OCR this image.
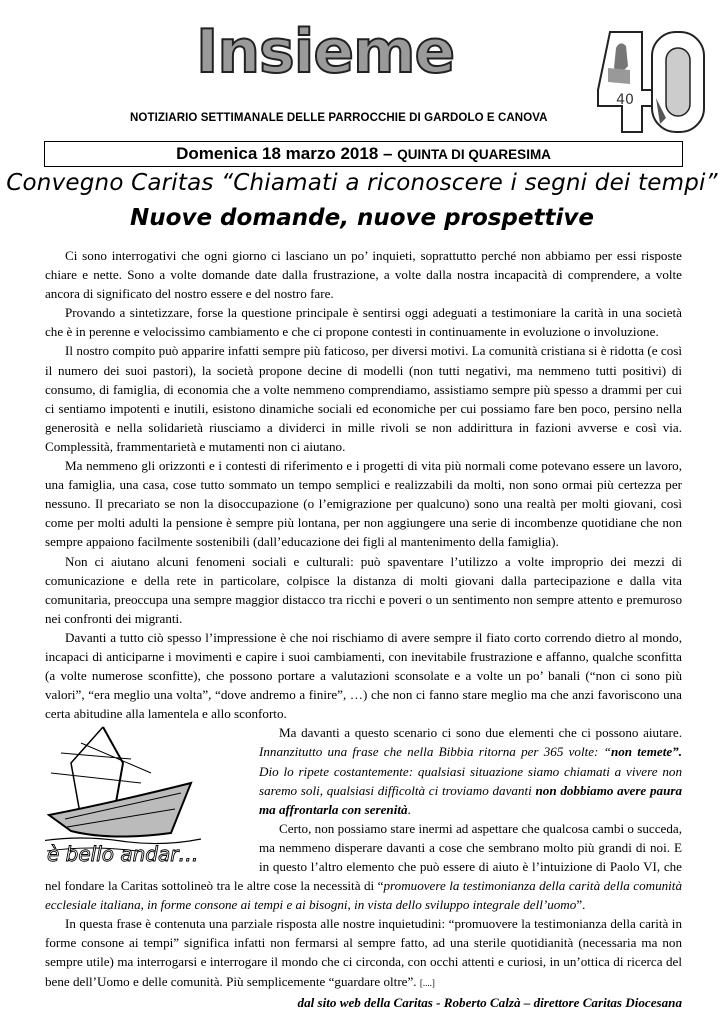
Insieme
40
NOTIZIARIO SETTIMANALE DELLE PARROCCHIE DI GARDOLO E CANOVA
Domenica 18 marzo 2018 – QUINTA DI QUARESIMA
Convegno Caritas “Chiamati a riconoscere i segni dei tempi”
Nuove domande, nuove prospettive

Ci sono interrogativi che ogni giorno ci lasciano un po’ inquieti, soprattutto perché non abbiamo per essi risposte chiare e nette. Sono a volte domande date dalla frustrazione, a volte dalla nostra incapacità di comprendere, a volte ancora di significato del nostro essere e del nostro fare.

Provando a sintetizzare, forse la questione principale è sentirsi oggi adeguati a testimoniare la carità in una società che è in perenne e velocissimo cambiamento e che ci propone contesti in continuamente in evoluzione o involuzione.

Il nostro compito può apparire infatti sempre più faticoso, per diversi motivi. La comunità cristiana si è ridotta (e così il numero dei suoi pastori), la società propone decine di modelli (non tutti negativi, ma nemmeno tutti positivi) di consumo, di famiglia, di economia che a volte nemmeno comprendiamo, assistiamo sempre più spesso a drammi per cui ci sentiamo impotenti e inutili, esistono dinamiche sociali ed economiche per cui possiamo fare ben poco, persino nella generosità e nella solidarietà riusciamo a dividerci in mille rivoli se non addirittura in fazioni avverse e così via. Complessità, frammentarietà e mutamenti non ci aiutano.

Ma nemmeno gli orizzonti e i contesti di riferimento e i progetti di vita più normali come potevano essere un lavoro, una famiglia, una casa, cose tutto sommato un tempo semplici e realizzabili da molti, non sono ormai più certezza per nessuno. Il precariato se non la disoccupazione (o l’emigrazione per qualcuno) sono una realtà per molti giovani, così come per molti adulti la pensione è sempre più lontana, per non aggiungere una serie di incombenze quotidiane che non sempre appaiono facilmente sostenibili (dall’educazione dei figli al mantenimento della famiglia).

Non ci aiutano alcuni fenomeni sociali e culturali: può spaventare l’utilizzo a volte improprio dei mezzi di comunicazione e della rete in particolare, colpisce la distanza di molti giovani dalla partecipazione e dalla vita comunitaria, preoccupa una sempre maggior distacco tra ricchi e poveri o un sentimento non sempre attento e premuroso nei confronti dei migranti.

Davanti a tutto ciò spesso l’impressione è che noi rischiamo di avere sempre il fiato corto correndo dietro al mondo, incapaci di anticiparne i movimenti e capire i suoi cambiamenti, con inevitabile frustrazione e affanno, qualche sconfitta (a volte numerose sconfitte), che possono portare a valutazioni sconsolate e a volte un po’ banali (“non ci sono più valori”, “era meglio una volta”, “dove andremo a finire”, …) che non ci fanno stare meglio ma che anzi favoriscono una certa abitudine alla lamentela e allo sconforto.

è bello andar…

Ma davanti a questo scenario ci sono due elementi che ci possono aiutare. Innanzitutto una frase che nella Bibbia ritorna per 365 volte: “non temete”. Dio lo ripete costantemente: qualsiasi situazione siamo chiamati a vivere non saremo soli, qualsiasi difficoltà ci troviamo davanti non dobbiamo avere paura ma affrontarla con serenità.

Certo, non possiamo stare inermi ad aspettare che qualcosa cambi o succeda, ma nemmeno disperare davanti a cose che sembrano molto più grandi di noi. E in questo l’altro elemento che può essere di aiuto è l’intuizione di Paolo VI, che nel fondare la Caritas sottolineò tra le altre cose la necessità di “promuovere la testimonianza della carità della comunità ecclesiale italiana, in forme consone ai tempi e ai bisogni, in vista dello sviluppo integrale dell’uomo”.

In questa frase è contenuta una parziale risposta alle nostre inquietudini: “promuovere la testimonianza della carità in forme consone ai tempi” significa infatti non fermarsi al sempre fatto, ad una sterile quotidianità (necessaria ma non sempre utile) ma interrogarsi e interrogare il mondo che ci circonda, con occhi attenti e curiosi, in un’ottica di ricerca del bene dell’Uomo e delle comunità. Più semplicemente “guardare oltre”. [....]

dal sito web della Caritas - Roberto Calzà – direttore Caritas Diocesana
